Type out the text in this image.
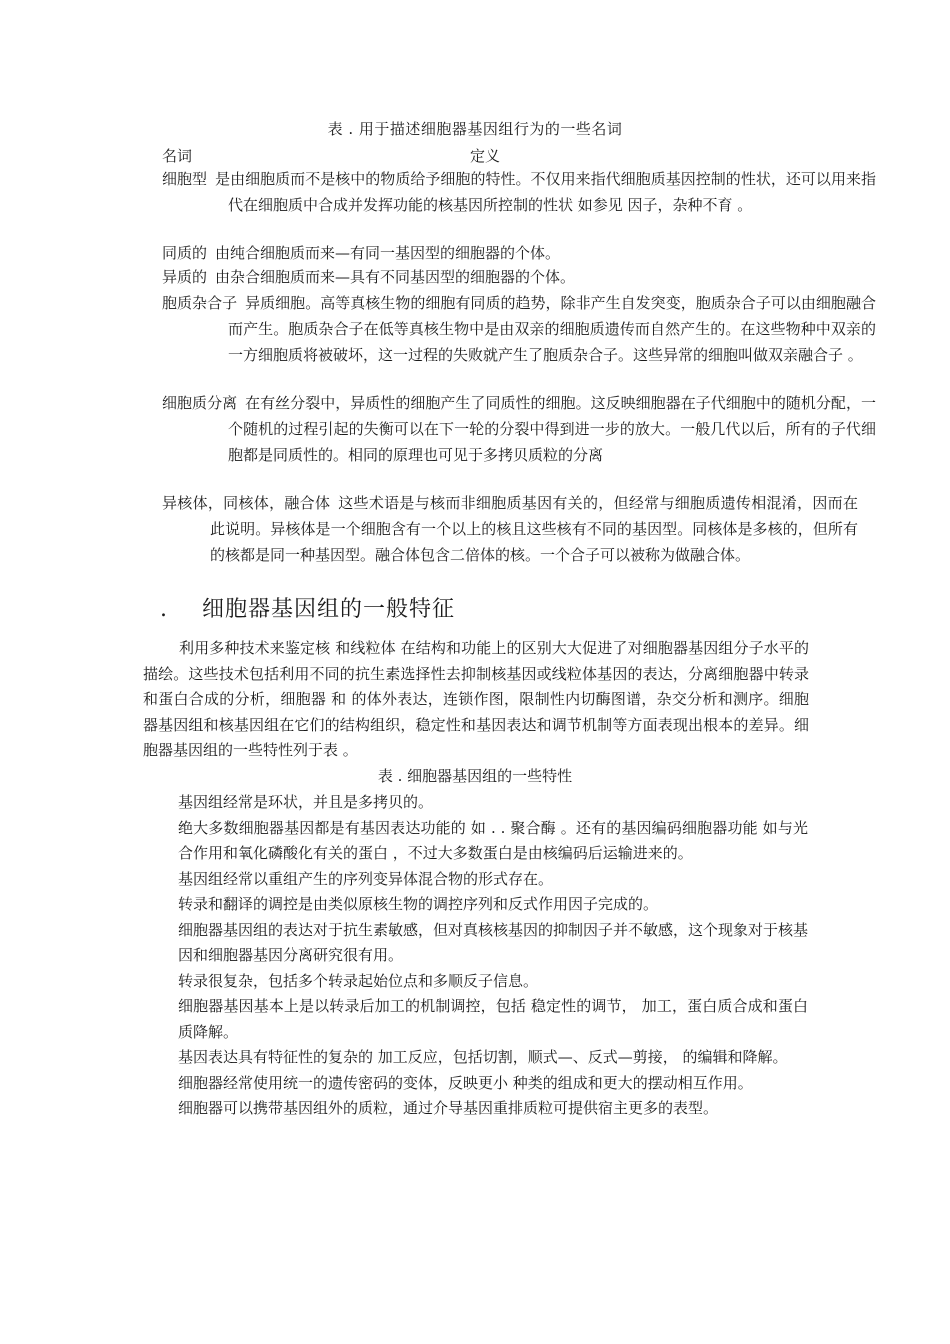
表 . 用于描述细胞器基因组行为的一些名词
名词	定义
细胞型 是由细胞质而不是核中的物质给予细胞的特性。不仅用来指代细胞质基因控制的性状，还可以用来指代在细胞质中合成并发挥功能的核基因所控制的性状 如参见 因子，杂种不育 。
同质的 由纯合细胞质而来—有同一基因型的细胞器的个体。
异质的 由杂合细胞质而来—具有不同基因型的细胞器的个体。
胞质杂合子 异质细胞。高等真核生物的细胞有同质的趋势，除非产生自发突变，胞质杂合子可以由细胞融合而产生。胞质杂合子在低等真核生物中是由双亲的细胞质遗传而自然产生的。在这些物种中双亲的一方细胞质将被破坏，这一过程的失败就产生了胞质杂合子。这些异常的细胞叫做双亲融合子 。
细胞质分离 在有丝分裂中，异质性的细胞产生了同质性的细胞。这反映细胞器在子代细胞中的随机分配，一个随机的过程引起的失衡可以在下一轮的分裂中得到进一步的放大。一般几代以后，所有的子代细胞都是同质性的。相同的原理也可见于多拷贝质粒的分离
异核体，同核体，融合体 这些术语是与核而非细胞质基因有关的，但经常与细胞质遗传相混淆，因而在此说明。异核体是一个细胞含有一个以上的核且这些核有不同的基因型。同核体是多核的，但所有的核都是同一种基因型。融合体包含二倍体的核。一个合子可以被称为做融合体。
. 细胞器基因组的一般特征
利用多种技术来鉴定核 和线粒体 在结构和功能上的区别大大促进了对细胞器基因组分子水平的描绘。这些技术包括利用不同的抗生素选择性去抑制核基因或线粒体基因的表达，分离细胞器中转录和蛋白合成的分析，细胞器 和 的体外表达，连锁作图，限制性内切酶图谱，杂交分析和测序。细胞器基因组和核基因组在它们的结构组织，稳定性和基因表达和调节机制等方面表现出根本的差异。细胞器基因组的一些特性列于表 。
表 . 细胞器基因组的一些特性
基因组经常是环状，并且是多拷贝的。
绝大多数细胞器基因都是有基因表达功能的 如 . . 聚合酶 。还有的基因编码细胞器功能 如与光合作用和氧化磷酸化有关的蛋白 ，不过大多数蛋白是由核编码后运输进来的。
基因组经常以重组产生的序列变异体混合物的形式存在。
转录和翻译的调控是由类似原核生物的调控序列和反式作用因子完成的。
细胞器基因组的表达对于抗生素敏感，但对真核核基因的抑制因子并不敏感，这个现象对于核基因和细胞器基因分离研究很有用。
转录很复杂，包括多个转录起始位点和多顺反子信息。
细胞器基因基本上是以转录后加工的机制调控，包括 稳定性的调节， 加工，蛋白质合成和蛋白质降解。
基因表达具有特征性的复杂的 加工反应，包括切割，顺式—、反式—剪接， 的编辑和降解。
细胞器经常使用统一的遗传密码的变体，反映更小 种类的组成和更大的摆动相互作用。
细胞器可以携带基因组外的质粒，通过介导基因重排质粒可提供宿主更多的表型。
